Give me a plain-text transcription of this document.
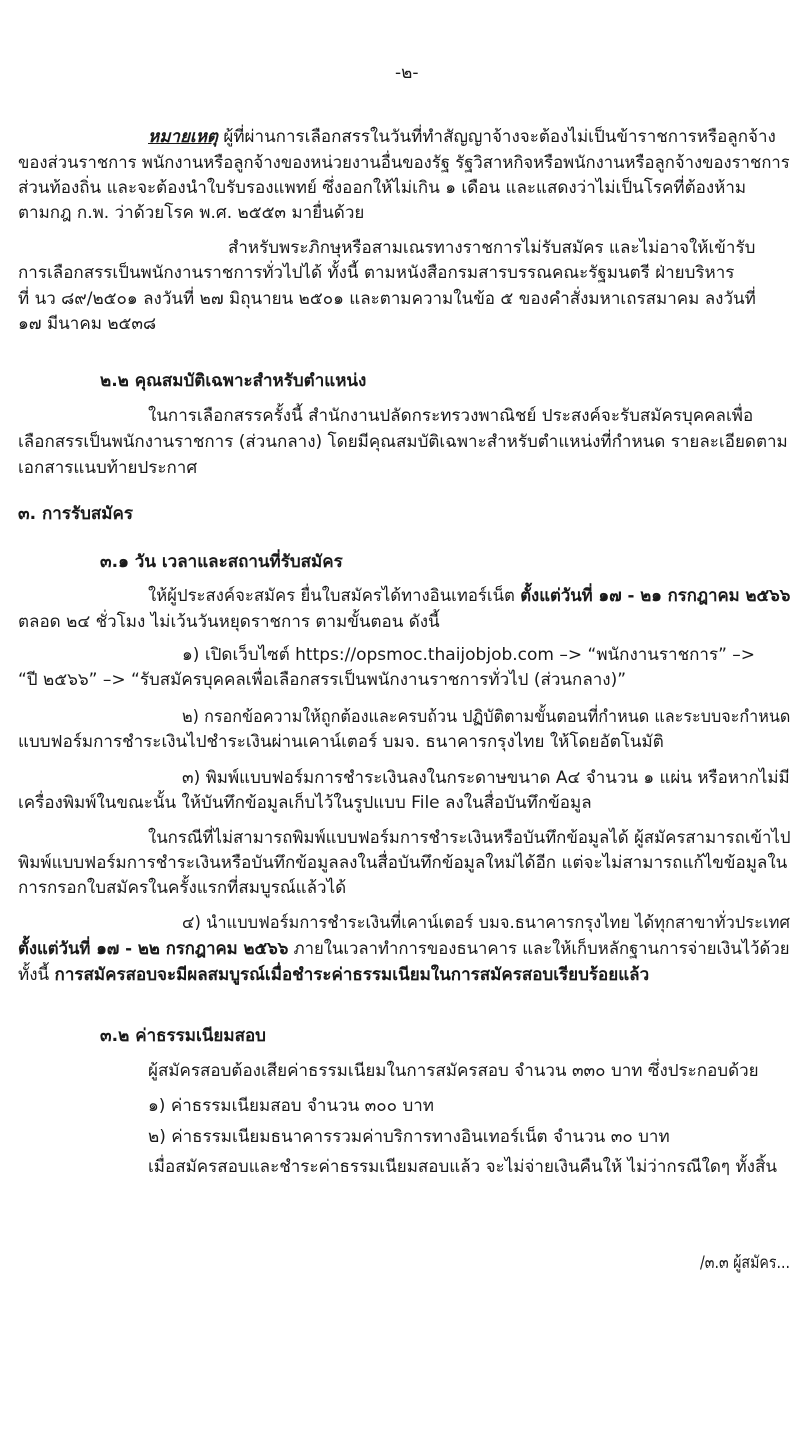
-๒-
หมายเหตุ ผู้ที่ผ่านการเลือกสรรในวันที่ทำสัญญาจ้างจะต้องไม่เป็นข้าราชการหรือลูกจ้าง
ของส่วนราชการ พนักงานหรือลูกจ้างของหน่วยงานอื่นของรัฐ รัฐวิสาหกิจหรือพนักงานหรือลูกจ้างของราชการ
ส่วนท้องถิ่น และจะต้องนำใบรับรองแพทย์ ซึ่งออกให้ไม่เกิน ๑ เดือน และแสดงว่าไม่เป็นโรคที่ต้องห้าม
ตามกฎ ก.พ. ว่าด้วยโรค พ.ศ. ๒๕๕๓ มายื่นด้วย
สำหรับพระภิกษุหรือสามเณรทางราชการไม่รับสมัคร และไม่อาจให้เข้ารับ
การเลือกสรรเป็นพนักงานราชการทั่วไปได้ ทั้งนี้ ตามหนังสือกรมสารบรรณคณะรัฐมนตรี ฝ่ายบริหาร
ที่ นว ๘๙/๒๕๐๑ ลงวันที่ ๒๗ มิถุนายน ๒๕๐๑ และตามความในข้อ ๕ ของคำสั่งมหาเถรสมาคม ลงวันที่
๑๗ มีนาคม ๒๕๓๘
๒.๒ คุณสมบัติเฉพาะสำหรับตำแหน่ง
ในการเลือกสรรครั้งนี้ สำนักงานปลัดกระทรวงพาณิชย์ ประสงค์จะรับสมัครบุคคลเพื่อ
เลือกสรรเป็นพนักงานราชการ (ส่วนกลาง) โดยมีคุณสมบัติเฉพาะสำหรับตำแหน่งที่กำหนด รายละเอียดตาม
เอกสารแนบท้ายประกาศ
๓. การรับสมัคร
๓.๑ วัน เวลาและสถานที่รับสมัคร
ให้ผู้ประสงค์จะสมัคร ยื่นใบสมัครได้ทางอินเทอร์เน็ต ตั้งแต่วันที่ ๑๗ - ๒๑ กรกฎาคม ๒๕๖๖
ตลอด ๒๔ ชั่วโมง ไม่เว้นวันหยุดราชการ ตามขั้นตอน ดังนี้
๑) เปิดเว็บไซต์ https://opsmoc.thaijobjob.com –> “พนักงานราชการ” –>
“ปี ๒๕๖๖” –> “รับสมัครบุคคลเพื่อเลือกสรรเป็นพนักงานราชการทั่วไป (ส่วนกลาง)”
๒) กรอกข้อความให้ถูกต้องและครบถ้วน ปฏิบัติตามขั้นตอนที่กำหนด และระบบจะกำหนด
แบบฟอร์มการชำระเงินไปชำระเงินผ่านเคาน์เตอร์ บมจ. ธนาคารกรุงไทย ให้โดยอัตโนมัติ
๓) พิมพ์แบบฟอร์มการชำระเงินลงในกระดาษขนาด A๔ จำนวน ๑ แผ่น หรือหากไม่มี
เครื่องพิมพ์ในขณะนั้น ให้บันทึกข้อมูลเก็บไว้ในรูปแบบ File ลงในสื่อบันทึกข้อมูล
ในกรณีที่ไม่สามารถพิมพ์แบบฟอร์มการชำระเงินหรือบันทึกข้อมูลได้ ผู้สมัครสามารถเข้าไป
พิมพ์แบบฟอร์มการชำระเงินหรือบันทึกข้อมูลลงในสื่อบันทึกข้อมูลใหม่ได้อีก แต่จะไม่สามารถแก้ไขข้อมูลใน
การกรอกใบสมัครในครั้งแรกที่สมบูรณ์แล้วได้
๔) นำแบบฟอร์มการชำระเงินที่เคาน์เตอร์ บมจ.ธนาคารกรุงไทย ได้ทุกสาขาทั่วประเทศ
ตั้งแต่วันที่ ๑๗ - ๒๒ กรกฎาคม ๒๕๖๖ ภายในเวลาทำการของธนาคาร และให้เก็บหลักฐานการจ่ายเงินไว้ด้วย
ทั้งนี้ การสมัครสอบจะมีผลสมบูรณ์เมื่อชำระค่าธรรมเนียมในการสมัครสอบเรียบร้อยแล้ว
๓.๒ ค่าธรรมเนียมสอบ
ผู้สมัครสอบต้องเสียค่าธรรมเนียมในการสมัครสอบ จำนวน ๓๓๐ บาท ซึ่งประกอบด้วย
๑) ค่าธรรมเนียมสอบ จำนวน ๓๐๐ บาท
๒) ค่าธรรมเนียมธนาคารรวมค่าบริการทางอินเทอร์เน็ต จำนวน ๓๐ บาท
เมื่อสมัครสอบและชำระค่าธรรมเนียมสอบแล้ว จะไม่จ่ายเงินคืนให้ ไม่ว่ากรณีใดๆ ทั้งสิ้น
/๓.๓ ผู้สมัคร...
